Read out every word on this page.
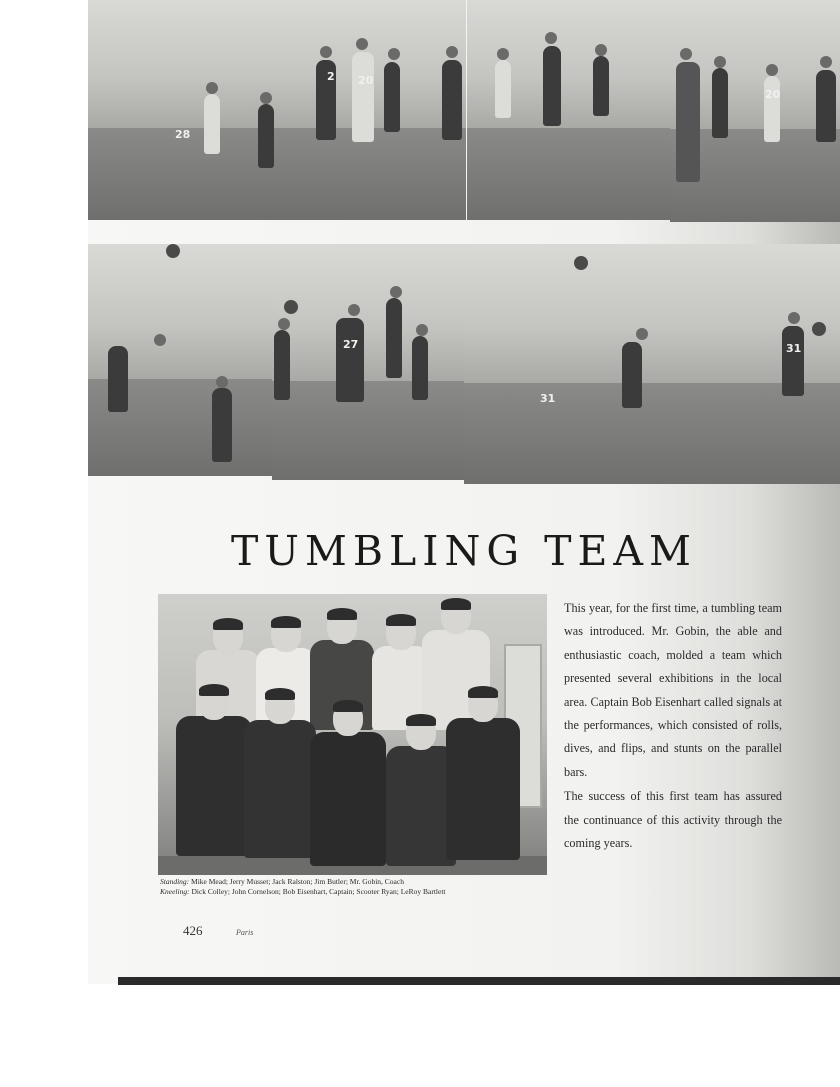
TUMBLING TEAM
Standing: Mike Mead; Jerry Musset; Jack Ralston; Jim Butler; Mr. Gobin, Coach
Kneeling: Dick Colley; John Cornelson; Bob Eisenhart, Captain; Scooter Ryan; LeRoy Bartlett

This year, for the first time, a tumbling team was introduced. Mr. Gobin, the able and enthusiastic coach, molded a team which presented several exhibitions in the local area. Captain Bob Eisenhart called signals at the performances, which consisted of rolls, dives, and flips, and stunts on the parallel bars.

The success of this first team has assured the continuance of this activity through the coming years.

426	Paris
2 20
28
20
27
31
31
